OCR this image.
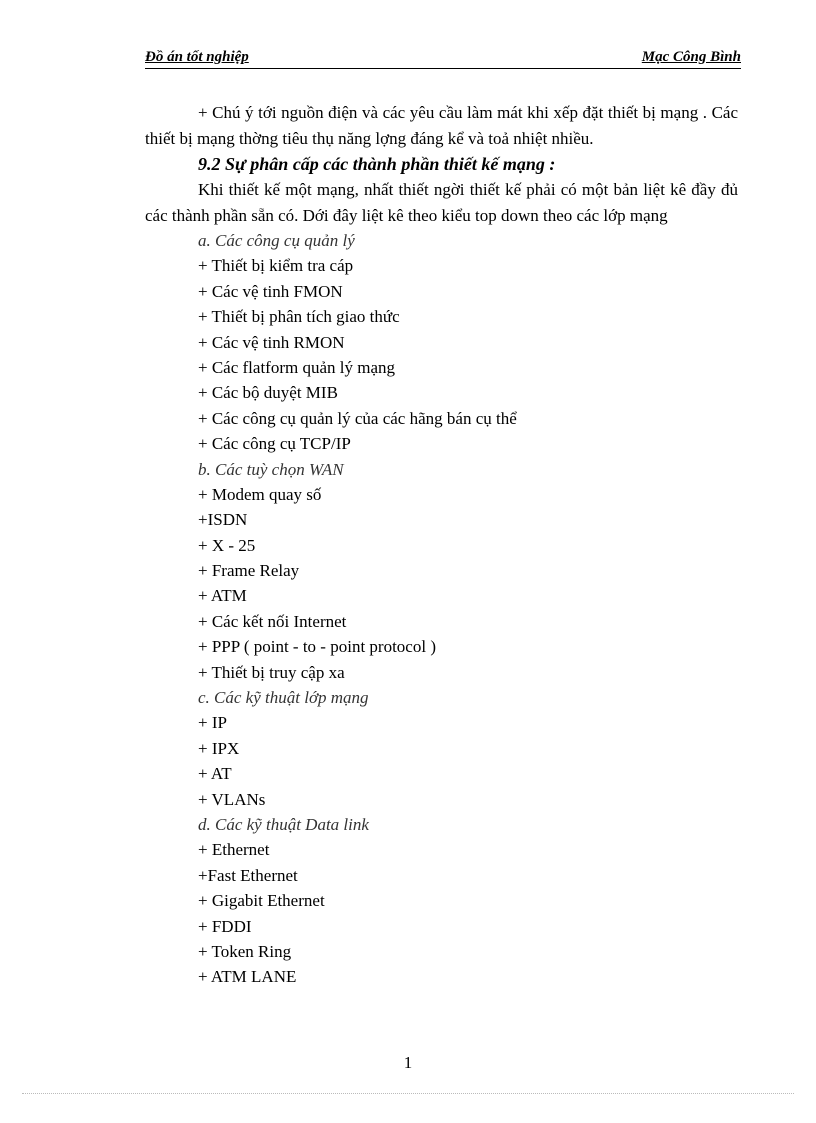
Đồ án tốt nghiệp	Mạc Công Bình

+ Chú ý tới nguồn điện và các yêu cầu làm mát khi xếp đặt thiết bị mạng . Các thiết bị mạng thờng tiêu thụ năng lợng đáng kể và toả nhiệt nhiều.

9.2 Sự phân cấp các thành phần thiết kế mạng :

Khi thiết kế một mạng, nhất thiết ngời thiết kế phải có một bản liệt kê đầy đủ các thành phần sẵn có. Dới đây liệt kê theo kiểu top down theo các lớp mạng

a. Các công cụ quản lý
+ Thiết bị kiểm tra cáp
+ Các vệ tinh FMON
+ Thiết bị phân tích giao thức
+ Các vệ tinh RMON
+ Các flatform quản lý mạng
+ Các bộ duyệt MIB
+ Các công cụ quản lý của các hãng bán cụ thể
+ Các công cụ TCP/IP
b. Các tuỳ chọn WAN
+ Modem quay số
+ISDN
+ X - 25
+ Frame Relay
+ ATM
+ Các kết nối Internet
+ PPP ( point - to - point protocol )
+ Thiết bị truy cập xa
c. Các kỹ thuật lớp mạng
+ IP
+ IPX
+ AT
+ VLANs
d. Các kỹ thuật Data link
+ Ethernet
+Fast Ethernet
+ Gigabit Ethernet
+ FDDI
+ Token Ring
+ ATM LANE
1
